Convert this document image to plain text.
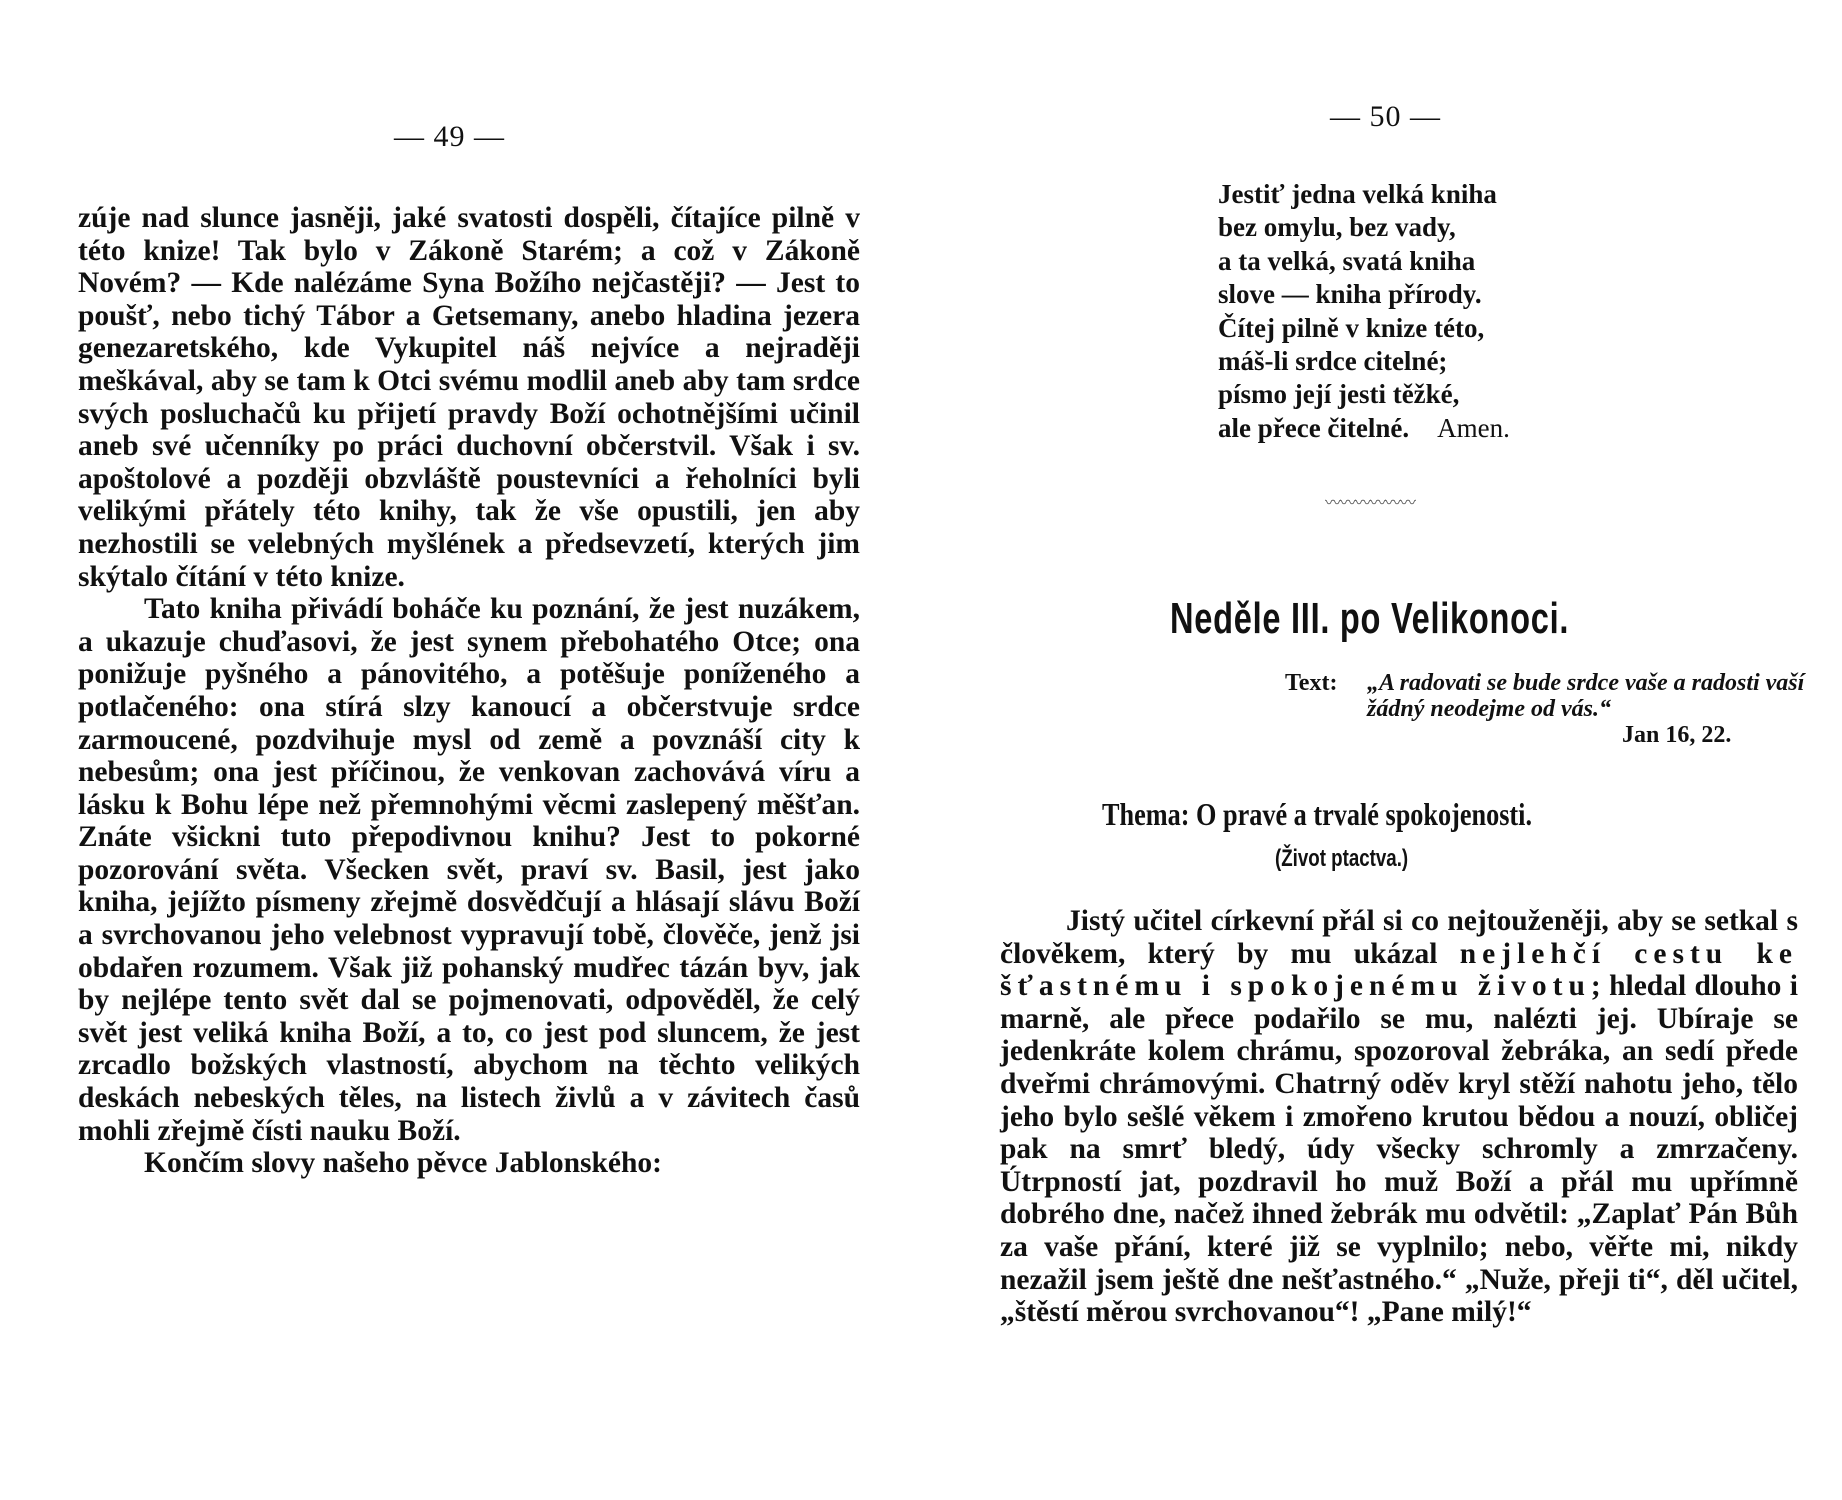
— 49 —

zúje nad slunce jasněji, jaké svatosti dospěli, čítajíce pilně v této knize! Tak bylo v Zákoně Starém; a což v Zákoně Novém? — Kde nalézáme Syna Božího nejčastěji? — Jest to poušť, nebo tichý Tábor a Getsemany, anebo hladina jezera genezaretského, kde Vykupitel náš nejvíce a nejraději meškával, aby se tam k Otci svému modlil aneb aby tam srdce svých posluchačů ku přijetí pravdy Boží ochotnějšími učinil aneb své učenníky po práci duchovní občerstvil. Však i sv. apoštolové a později obzvláště poustevníci a řeholníci byli velikými přátely této knihy, tak že vše opustili, jen aby nezhostili se velebných myšlének a předsevzetí, kterých jim skýtalo čítání v této knize.

Tato kniha přivádí boháče ku poznání, že jest nuzákem, a ukazuje chuďasovi, že jest synem přebohatého Otce; ona ponižuje pyšného a pánovitého, a potěšuje poníženého a potlačeného: ona stírá slzy kanoucí a občerstvuje srdce zarmoucené, pozdvihuje mysl od země a povznáší city k nebesům; ona jest příčinou, že venkovan zachovává víru a lásku k Bohu lépe než přemnohými věcmi zaslepený měšťan. Znáte všickni tuto přepodivnou knihu? Jest to pokorné pozorování světa. Všecken svět, praví sv. Basil, jest jako kniha, jejížto písmeny zřejmě dosvědčují a hlásají slávu Boží a svrchovanou jeho velebnost vypravují tobě, člověče, jenž jsi obdařen rozumem. Však již pohanský mudřec tázán byv, jak by nejlépe tento svět dal se pojmenovati, odpověděl, že celý svět jest veliká kniha Boží, a to, co jest pod sluncem, že jest zrcadlo božských vlastností, abychom na těchto velikých deskách nebeských těles, na listech živlů a v závitech časů mohli zřejmě čísti nauku Boží.

Končím slovy našeho pěvce Jablonského:

— 50 —
Jestiť jedna velká kniha
bez omylu, bez vady,
a ta velká, svatá kniha
slove — kniha přírody.
Čítej pilně v knize této,
máš-li srdce citelné;
písmo její jesti těžké,
ale přece čitelné. Amen.
〰〰〰〰〰〰
Neděle III. po Velikonoci.
Text: „A radovati se bude srdce vaše a radosti vaší žádný neodejme od vás.“
Jan 16, 22.
Thema: O pravé a trvalé spokojenosti.
(Život ptactva.)

Jistý učitel církevní přál si co nejtouženěji, aby se setkal s člověkem, který by mu ukázal nejlehčí cestu ke šťastnému i spokojenému životu; hledal dlouho i marně, ale přece podařilo se mu, nalézti jej. Ubíraje se jedenkráte kolem chrámu, spozoroval žebráka, an sedí přede dveřmi chrámovými. Chatrný oděv kryl stěží nahotu jeho, tělo jeho bylo sešlé věkem i zmořeno krutou bědou a nouzí, obličej pak na smrť bledý, údy všecky schromly a zmrzačeny. Útrpností jat, pozdravil ho muž Boží a přál mu upřímně dobrého dne, načež ihned žebrák mu odvětil: „Zaplať Pán Bůh za vaše přání, které již se vyplnilo; nebo, věřte mi, nikdy nezažil jsem ještě dne nešťastného.“ „Nuže, přeji ti“, děl učitel, „štěstí měrou svrchovanou“! „Pane milý!“
